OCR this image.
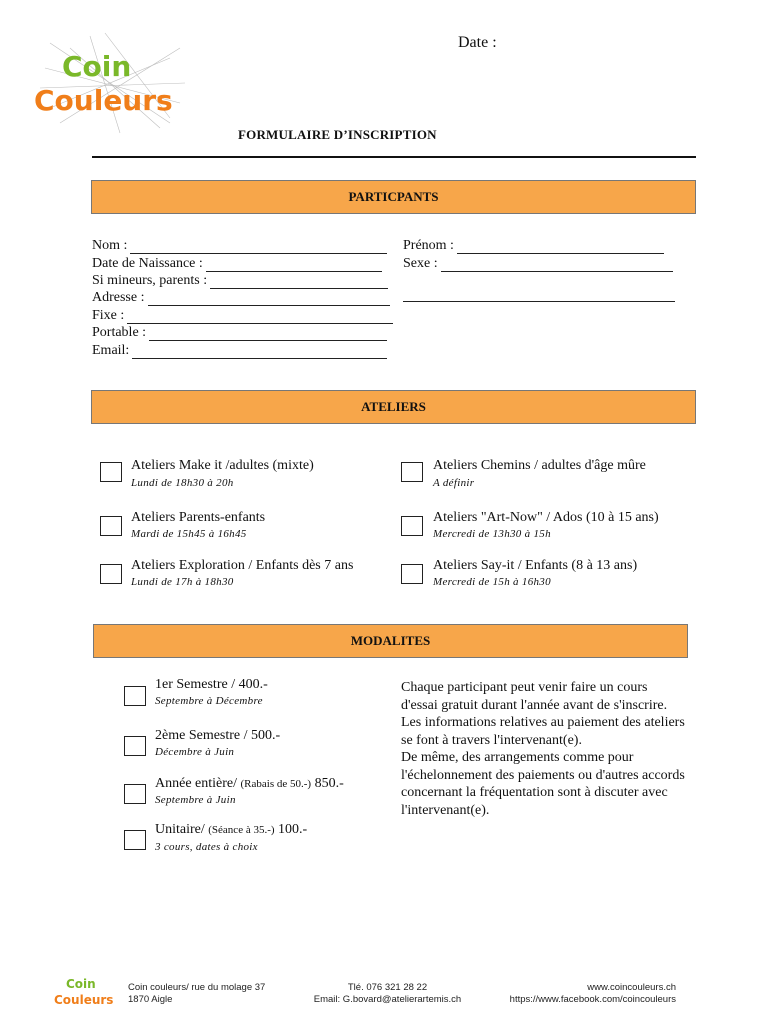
Coin
Couleurs
Date :
FORMULAIRE D’INSCRIPTION
PARTICPANTS
Nom :
Date de Naissance :
Si mineurs, parents :
Adresse :
Fixe :
Portable :
Email:
Prénom :
Sexe :
ATELIERS
Ateliers Make it /adultes (mixte)
Lundi de 18h30 à 20h
Ateliers Chemins / adultes d'âge mûre
A définir
Ateliers Parents-enfants
Mardi de 15h45 à 16h45
Ateliers "Art-Now" / Ados (10 à 15 ans)
Mercredi de 13h30 à 15h
Ateliers Exploration / Enfants dès 7 ans
Lundi de 17h à 18h30
Ateliers Say-it / Enfants (8 à 13 ans)
Mercredi de 15h à 16h30
MODALITES
1er Semestre / 400.-
Septembre à Décembre
2ème Semestre / 500.-
Décembre à Juin
Année entière/ (Rabais de 50.-) 850.-
Septembre à Juin
Unitaire/ (Séance à 35.-) 100.-
3 cours, dates à choix
Chaque participant peut venir faire un cours d'essai gratuit durant l'année avant de s'inscrire.
Les informations relatives au paiement des ateliers se font à travers l'intervenant(e).
De même, des arrangements comme pour l'échelonnement des paiements ou d'autres accords concernant la fréquentation sont à discuter avec l'intervenant(e).
Coin
Couleurs
Coin couleurs/ rue du molage 37
1870 Aigle
Tlé. 076 321 28 22
Email: G.bovard@atelierartemis.ch
www.coincouleurs.ch
https://www.facebook.com/coincouleurs
